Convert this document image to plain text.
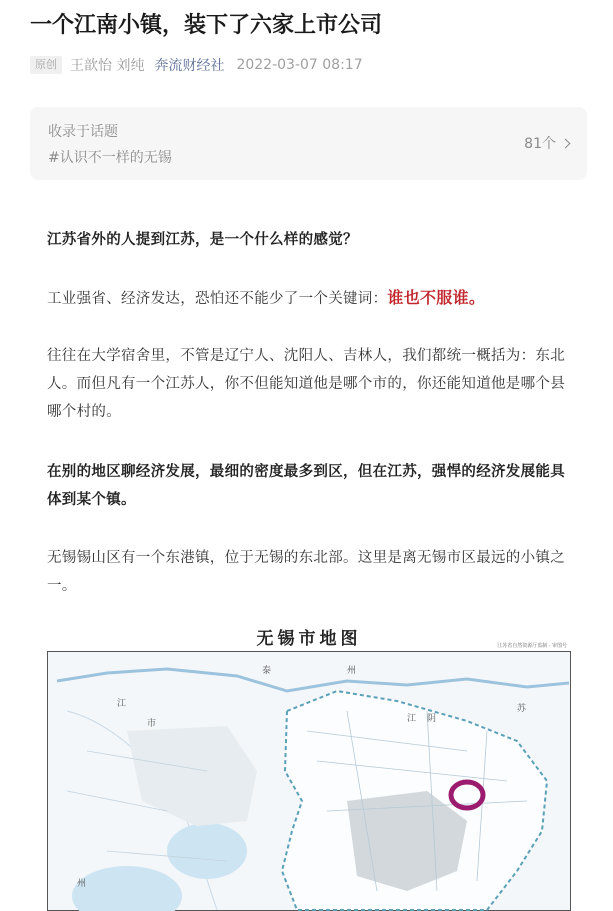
一个江南小镇，装下了六家上市公司
原创 王歆怡 刘纯 奔流财经社 2022-03-07 08:17
收录于话题
#认识不一样的无锡
81个

江苏省外的人提到江苏，是一个什么样的感觉？

工业强省、经济发达，恐怕还不能少了一个关键词：谁也不服谁。

往往在大学宿舍里，不管是辽宁人、沈阳人、吉林人，我们都统一概括为：东北人。而但凡有一个江苏人，你不但能知道他是哪个市的，你还能知道他是哪个县哪个村的。

在别的地区聊经济发展，最细的密度最多到区，但在江苏，强悍的经济发展能具体到某个镇。

无锡锡山区有一个东港镇，位于无锡的东北部。这里是离无锡市区最远的小镇之一。

无锡市地图	江苏省自然资源厅监制 · 审图号
泰	州
江
市
苏
州
江 阴
